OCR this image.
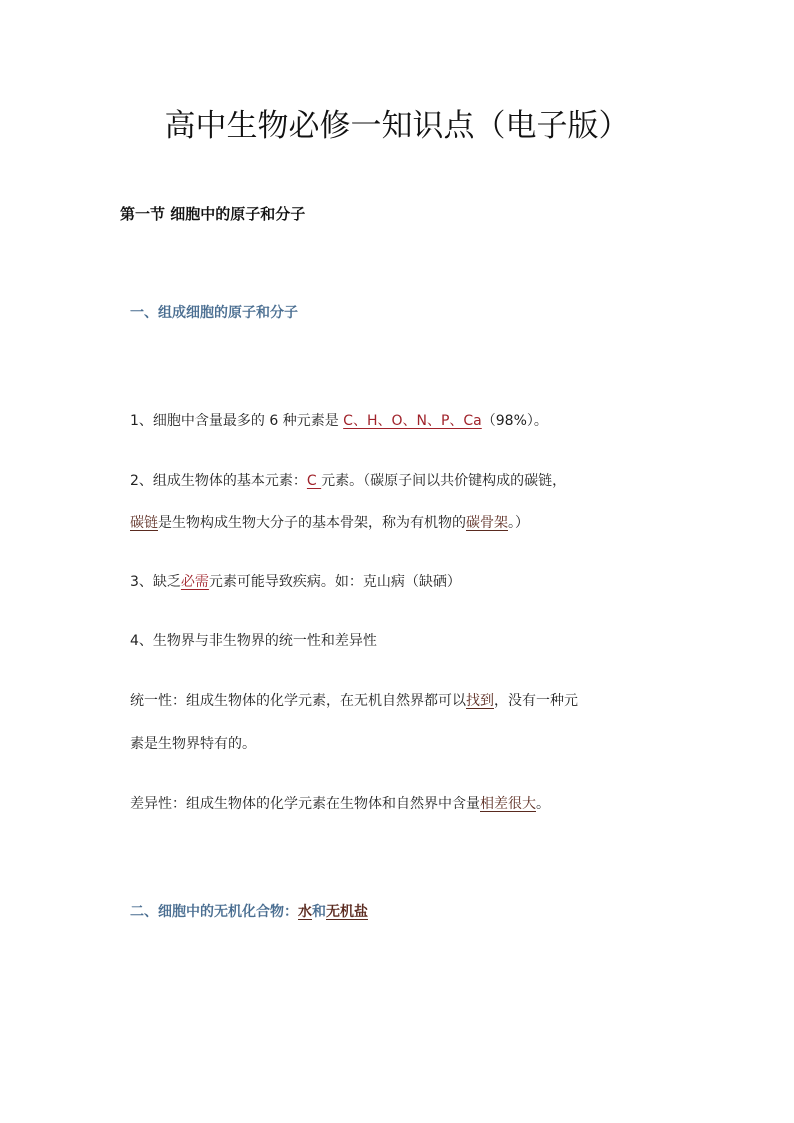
高中生物必修一知识点（电子版）
第一节 细胞中的原子和分子
一、组成细胞的原子和分子
1、细胞中含量最多的 6 种元素是 C、H、O、N、P、Ca（98%）。
2、组成生物体的基本元素：C 元素。（碳原子间以共价键构成的碳链，
碳链是生物构成生物大分子的基本骨架，称为有机物的碳骨架。）
3、缺乏必需元素可能导致疾病。如：克山病（缺硒）
4、生物界与非生物界的统一性和差异性
统一性：组成生物体的化学元素，在无机自然界都可以找到，没有一种元
素是生物界特有的。
差异性：组成生物体的化学元素在生物体和自然界中含量相差很大。
二、细胞中的无机化合物：水和无机盐
